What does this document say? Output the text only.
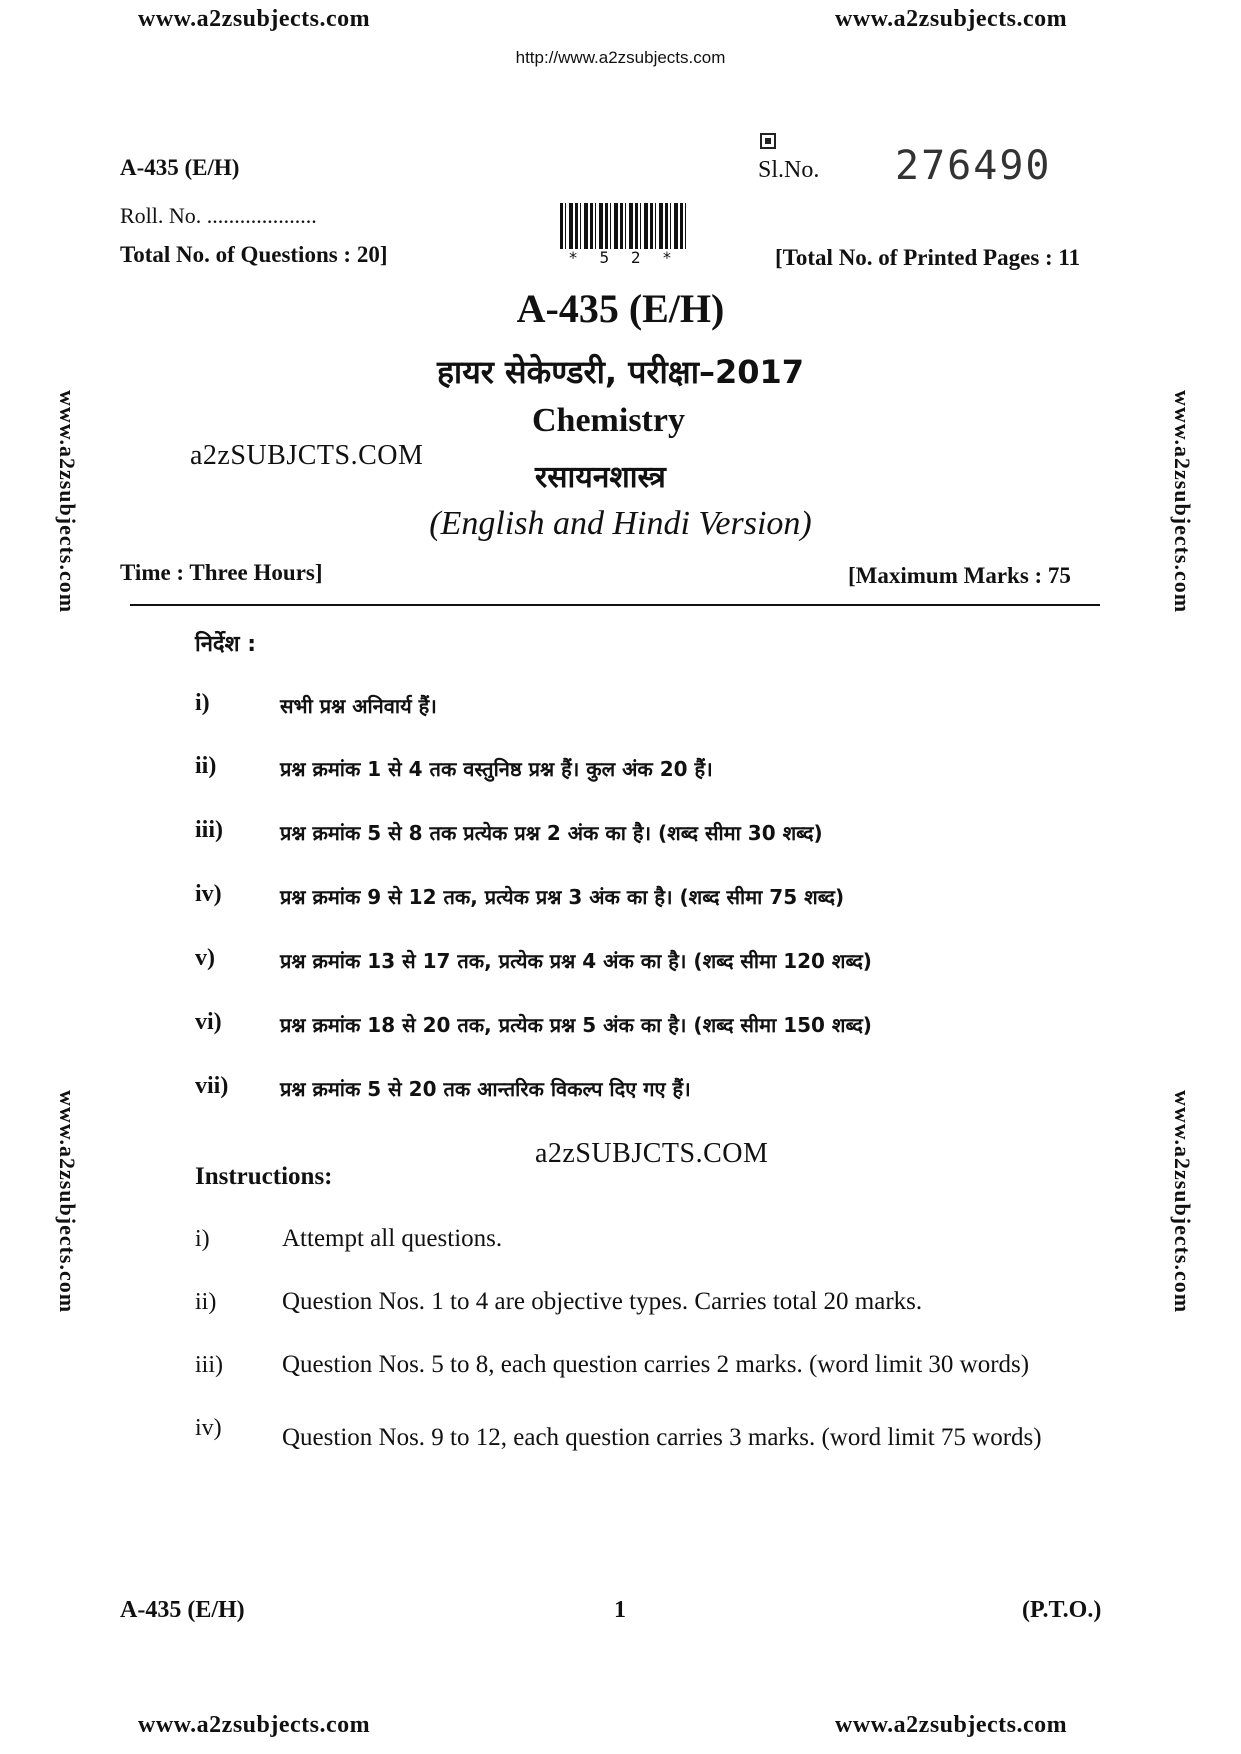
www.a2zsubjects.com	www.a2zsubjects.com
http://www.a2zsubjects.com
www.a2zsubjects.com
www.a2zsubjects.com
www.a2zsubjects.com
www.a2zsubjects.com
A-435 (E/H)	Sl.No. 276490
Roll. No. ....................
Total No. of Questions : 20]	* 5 2 *	[Total No. of Printed Pages : 11
A-435 (E/H)
हायर सेकेण्डरी, परीक्षा–2017
Chemistry
a2zSUBJCTS.COM
रसायनशास्त्र
(English and Hindi Version)
Time : Three Hours]	[Maximum Marks : 75
निर्देश :
i)	सभी प्रश्न अनिवार्य हैं।
ii)	प्रश्न क्रमांक 1 से 4 तक वस्तुनिष्ठ प्रश्न हैं। कुल अंक 20 हैं।
iii)	प्रश्न क्रमांक 5 से 8 तक प्रत्येक प्रश्न 2 अंक का है। (शब्द सीमा 30 शब्द)
iv)	प्रश्न क्रमांक 9 से 12 तक, प्रत्येक प्रश्न 3 अंक का है। (शब्द सीमा 75 शब्द)
v)	प्रश्न क्रमांक 13 से 17 तक, प्रत्येक प्रश्न 4 अंक का है। (शब्द सीमा 120 शब्द)
vi)	प्रश्न क्रमांक 18 से 20 तक, प्रत्येक प्रश्न 5 अंक का है। (शब्द सीमा 150 शब्द)
vii)	प्रश्न क्रमांक 5 से 20 तक आन्तरिक विकल्प दिए गए हैं।
a2zSUBJCTS.COM
Instructions:
i)	Attempt all questions.
ii)	Question Nos. 1 to 4 are objective types. Carries total 20 marks.
iii) Question Nos. 5 to 8, each question carries 2 marks. (word limit 30 words)
iv) Question Nos. 9 to 12, each question carries 3 marks. (word limit 75 words)
A-435 (E/H)	1	(P.T.O.)
www.a2zsubjects.com	www.a2zsubjects.com
